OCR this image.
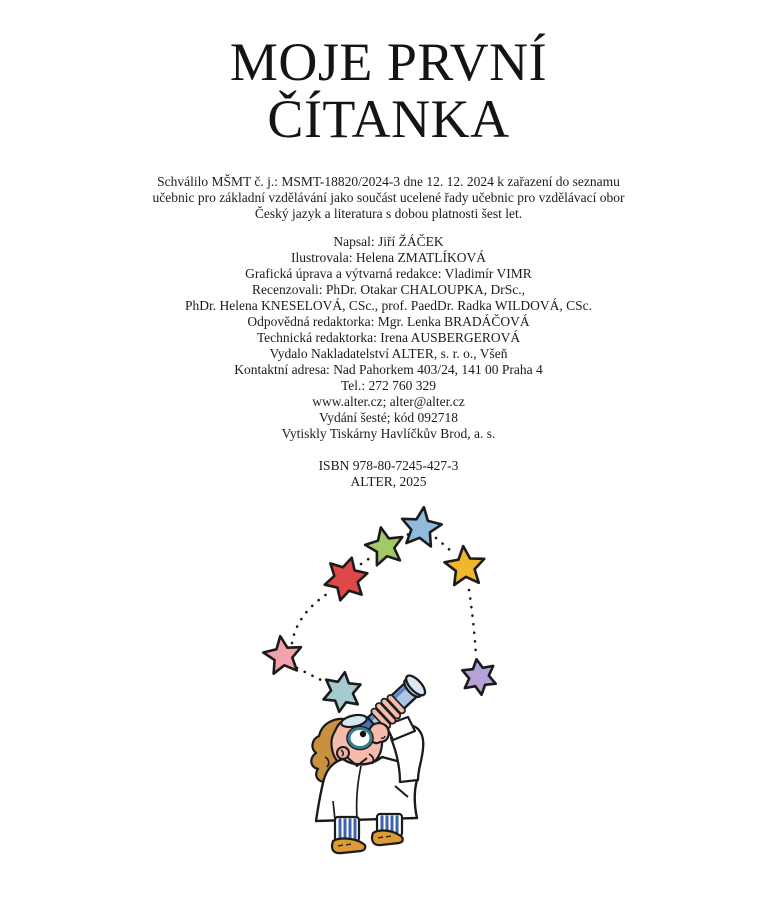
MOJE PRVNÍ
ČÍTANKA
Schválilo MŠMT č. j.: MSMT-18820/2024-3 dne 12. 12. 2024 k zařazení do seznamu
učebnic pro základní vzdělávání jako součást ucelené řady učebnic pro vzdělávací obor
Český jazyk a literatura s dobou platnosti šest let.
Napsal: Jiří ŽÁČEK
Ilustrovala: Helena ZMATLÍKOVÁ
Grafická úprava a výtvarná redakce: Vladimír VIMR
Recenzovali: PhDr. Otakar CHALOUPKA, DrSc.,
PhDr. Helena KNESELOVÁ, CSc., prof. PaedDr. Radka WILDOVÁ, CSc.
Odpovědná redaktorka: Mgr. Lenka BRADÁČOVÁ
Technická redaktorka: Irena AUSBERGEROVÁ
Vydalo Nakladatelství ALTER, s. r. o., Všeň
Kontaktní adresa: Nad Pahorkem 403/24, 141 00 Praha 4
Tel.: 272 760 329
www.alter.cz; alter@alter.cz
Vydání šesté; kód 092718
Vytiskly Tiskárny Havlíčkův Brod, a. s.
ISBN 978-80-7245-427-3
ALTER, 2025
